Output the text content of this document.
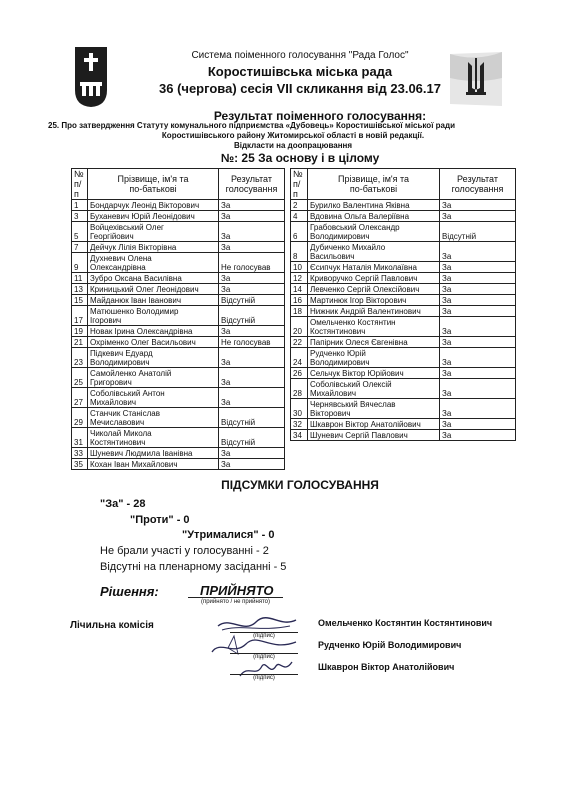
Система поіменного голосування "Рада Голос"
Коростишівська міська рада
36 (чергова) сесія VII скликання від 23.06.17
Результат поіменного голосування:
25. Про затвердження Статуту комунального підприємства «Дубовець» Коростишівської міської ради
Коростишівського району Житомирської області в новій редакції.
Відкласти на доопрацювання
№: 25 За основу і в цілому
№
п/п	Прізвище, ім'я та
по-батькові	Результат
голосування
1	Бондарчук Леонід Вікторович	За
3	Буханевич Юрій Леонідович	За
5	Войцехівський Олег
Георгійович	За
7	Дейчук Лілія Вікторівна	За
9	Духневич Олена
Олександрівна	Не голосував
11	Зубро Оксана Василівна	За
13	Криницький Олег Леонідович	За
15	Майданюк Іван Іванович	Відсутній
17	Матюшенко Володимир
Ігорович	Відсутній
19	Новак Ірина Олександрівна	За
21	Охріменко Олег Васильович	Не голосував
23	Підкевич Едуард
Володимирович	За
25	Самойленко Анатолій
Григорович	За
27	Соболівський Антон
Михайлович	За
29	Станчик Станіслав
Мечиславович	Відсутній
31	Чиколай Микола
Костянтинович	Відсутній
33	Шуневич Людмила Іванівна	За
35	Кохан Іван Михайлович	За
№
п/п	Прізвище, ім'я та
по-батькові	Результат
голосування
2	Бурилко Валентина Яківна	За
4	Вдовина Ольга Валеріївна	За
6	Грабовський Олександр
Володимирович	Відсутній
8	Дубиченко Михайло
Васильович	За
10	Єсипчук Наталія Миколаївна	За
12	Криворучко Сергій Павлович	За
14	Левченко Сергій Олексійович	За
16	Мартинюк Ігор Вікторович	За
18	Нижник Андрій Валентинович	За
20	Омельченко Костянтин
Костянтинович	За
22	Папірник Олеся Євгенівна	За
24	Рудченко Юрій
Володимирович	За
26	Сельчук Віктор Юрійович	За
28	Соболівський Олексій
Михайлович	За
30	Чернявський Вячеслав
Вікторович	За
32	Шкаврон Віктор Анатолійович	За
34	Шуневич Сергій Павлович	За
ПІДСУМКИ ГОЛОСУВАННЯ
"За" - 28
"Проти" - 0
"Утрималися" - 0
Не брали участі у голосуванні - 2
Відсутні на пленарному засіданні - 5
Рішення:	ПРИЙНЯТО
(прийнято / не прийнято)
Лічильна комісія
(підпис)
(підпис)
(підпис)
Омельченко Костянтин Костянтинович
Рудченко Юрій Володимирович
Шкаврон Віктор Анатолійович
